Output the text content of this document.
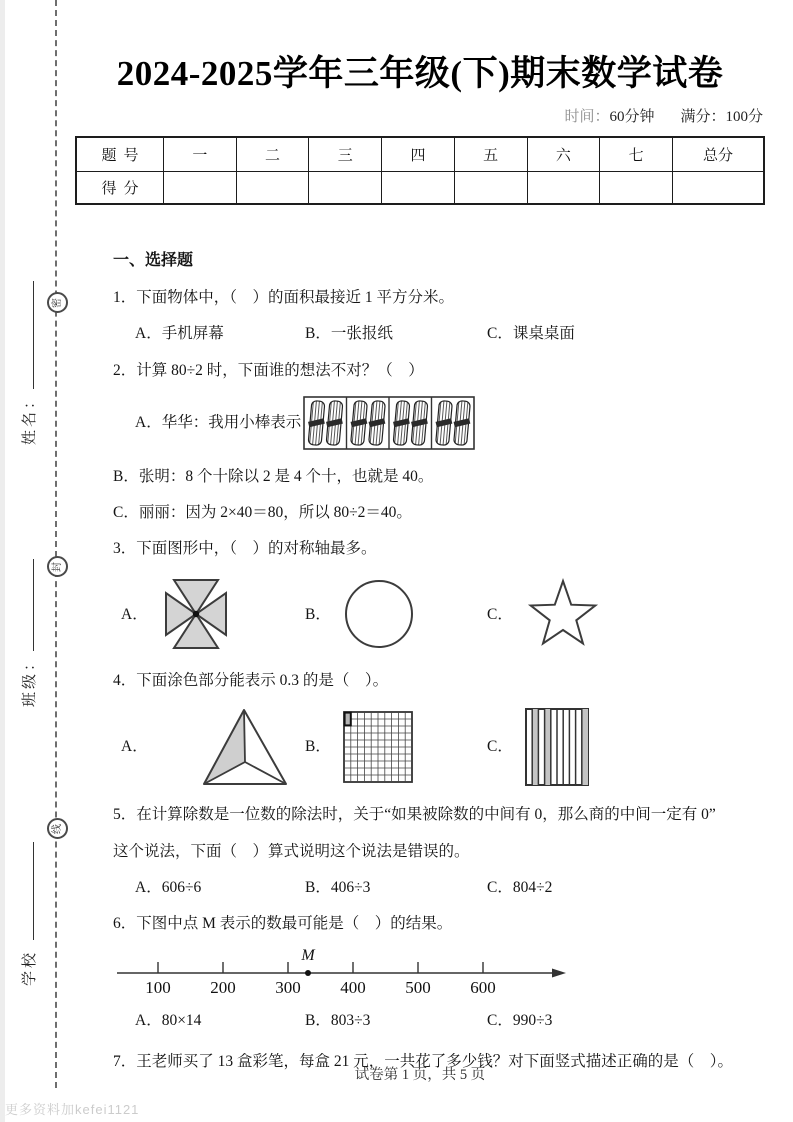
密
封
线
姓名：
班级：
学校
2024-2025学年三年级(下)期末数学试卷
时间：60分钟 满分：100分
题号	一	二	三	四	五	六	七	总分
得分								

一、选择题

1．下面物体中，（　）的面积最接近 1 平方分米。

A．手机屏幕	B．一张报纸	C．课桌桌面

2．计算 80÷2 时，下面谁的想法不对？（　）

A．华华：我用小棒表示

B．张明：8 个十除以 2 是 4 个十，也就是 40。

C．丽丽：因为 2×40＝80，所以 80÷2＝40。

3．下面图形中，（　）的对称轴最多。

A．	B．	C．

4．下面涂色部分能表示 0.3 的是（　）。

A．	B．	C．

5．在计算除数是一位数的除法时，关于“如果被除数的中间有 0，那么商的中间一定有 0”

这个说法，下面（　）算式说明这个说法是错误的。

A．606÷6	B．406÷3	C．804÷2

6．下图中点 M 表示的数最可能是（　）的结果。

100 200 300 400 500 600
M
A．80×14	B．803÷3	C．990÷3

7．王老师买了 13 盒彩笔，每盒 21 元，一共花了多少钱？对下面竖式描述正确的是（　）。

试卷第 1 页，共 5 页
更多资料加kefei1121
